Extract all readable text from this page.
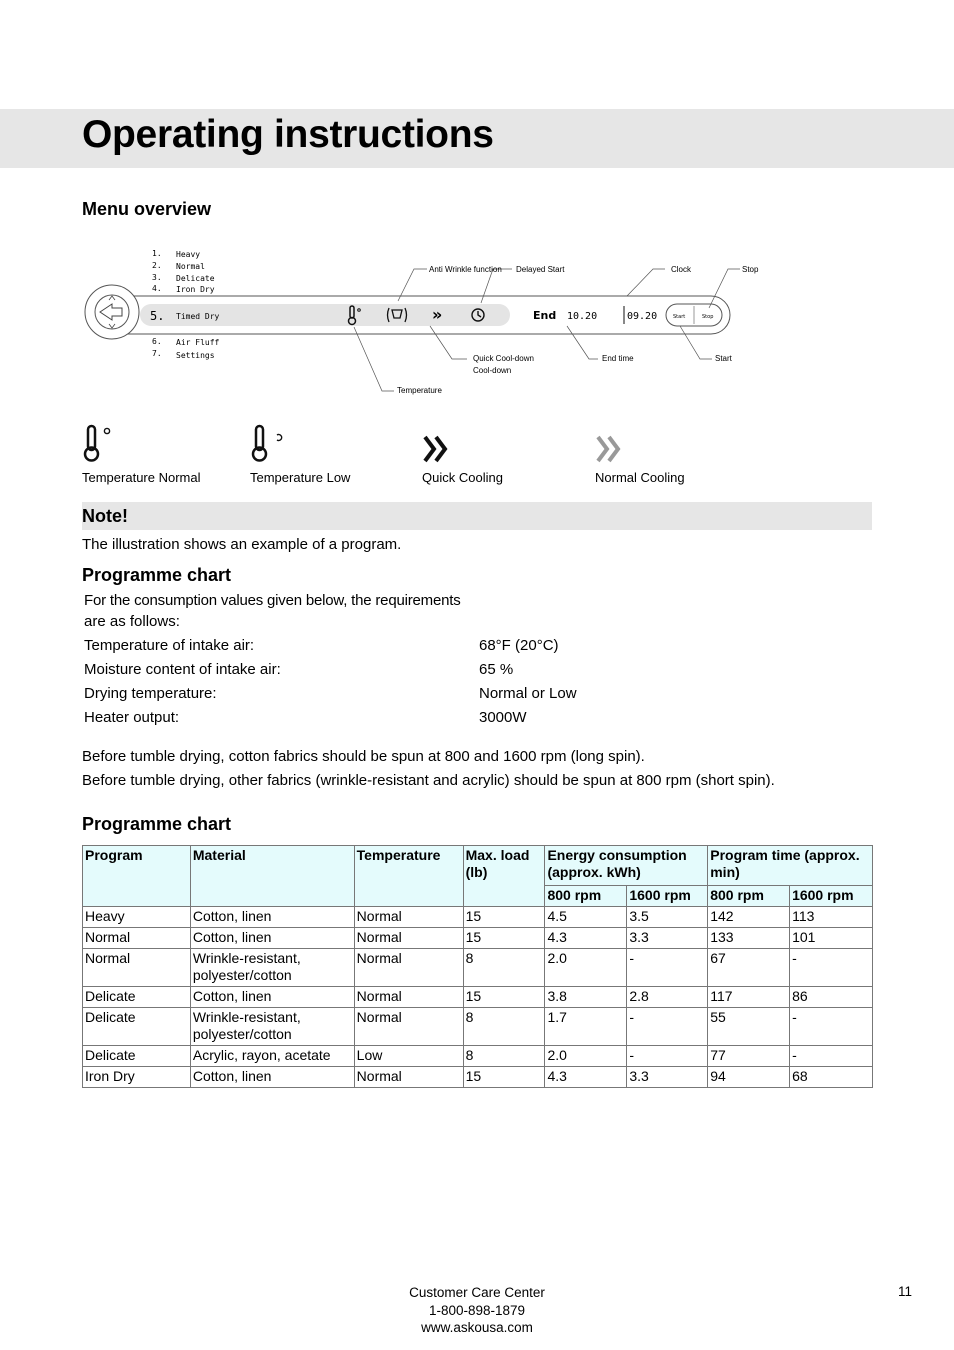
Operating instructions
Menu overview
1. Heavy
2. Normal
3. Delicate
4. Iron Dry
6. Air Fluff
7. Settings
5. Timed Dry	»	End 10.20	09.20	Start	Stop
Anti Wrinkle function Delayed Start	Clock	Stop
Quick Cool-down
Cool-down
End time	Start
Temperature
Temperature Normal	Temperature Low	Quick Cooling	Normal Cooling
Note!
The illustration shows an example of a program.
Programme chart
For the consumption values given below, the requirements
are as follows:
Temperature of intake air:	68°F (20°C)
Moisture content of intake air:	65 %
Drying temperature:	Normal or Low
Heater output:	3000W
Before tumble drying, cotton fabrics should be spun at 800 and 1600 rpm (long spin).
Before tumble drying, other fabrics (wrinkle-resistant and acrylic) should be spun at 800 rpm (short spin).
Programme chart
Program	Material	Temperature	Max. load (lb)	Energy consumption (approx. kWh)		Program time (approx. min)	
				800 rpm	1600 rpm	800 rpm	1600 rpm
Heavy	Cotton, linen	Normal	15	4.5	3.5	142	113
Normal	Cotton, linen	Normal	15	4.3	3.3	133	101
Normal	Wrinkle-resistant, polyester/cotton	Normal	8	2.0	-	67	-
Delicate	Cotton, linen	Normal	15	3.8	2.8	117	86
Delicate	Wrinkle-resistant, polyester/cotton	Normal	8	1.7	-	55	-
Delicate	Acrylic, rayon, acetate	Low	8	2.0	-	77	-
Iron Dry	Cotton, linen	Normal	15	4.3	3.3	94	68
Customer Care Center
1-800-898-1879
www.askousa.com
11
